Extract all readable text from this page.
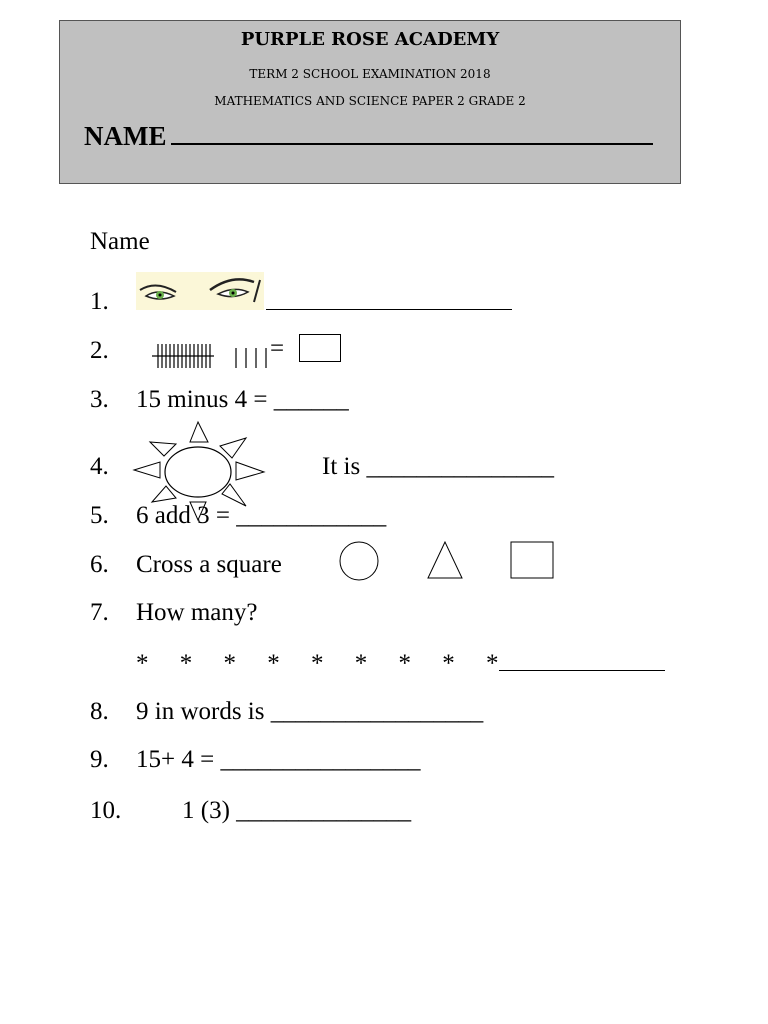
PURPLE ROSE ACADEMY
TERM 2 SCHOOL EXAMINATION 2018
MATHEMATICS AND SCIENCE PAPER 2 GRADE 2
NAME
Name
1.
2.	=
3. 15 minus 4 = ______
4.	It is _______________
5. 6 add 3 = ____________
6. Cross a square
7. How many?
*     *     *     *     *     *     *     *     *
8. 9 in words is _________________
9. 15+ 4 = ________________
10. 1 (3) ______________
